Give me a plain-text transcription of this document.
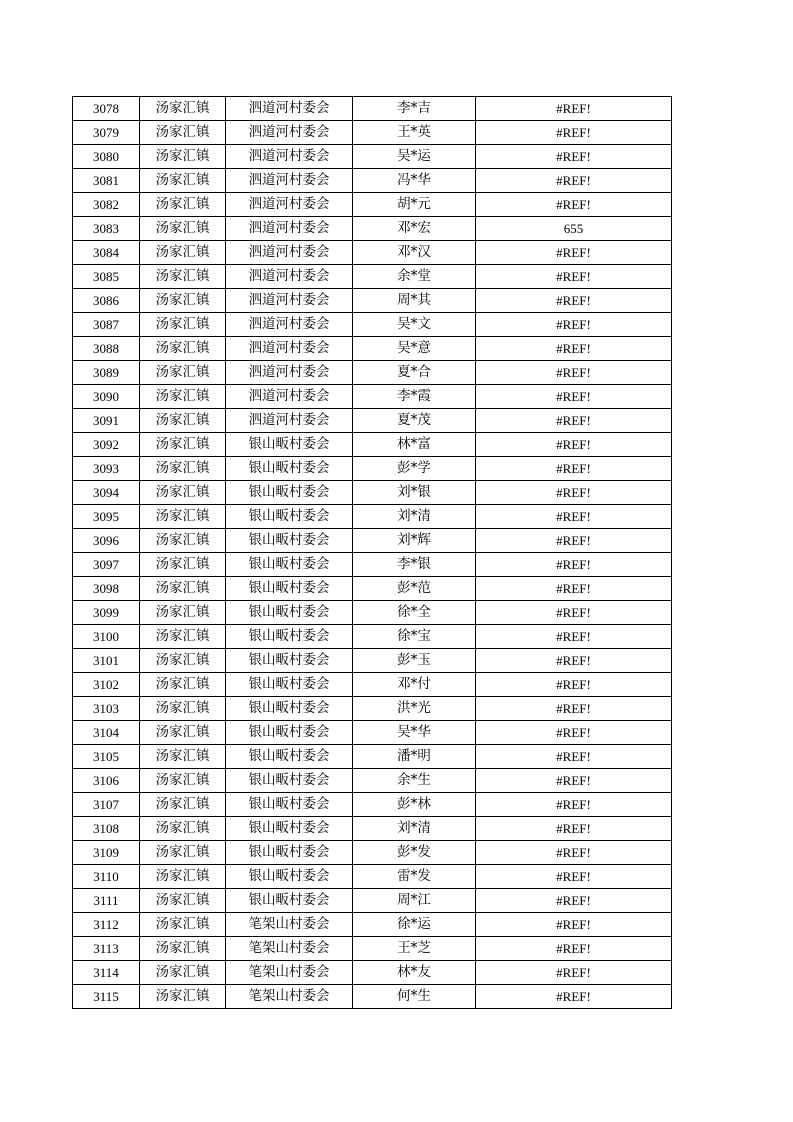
3078	汤家汇镇	泗道河村委会	李*吉	#REF!
3079	汤家汇镇	泗道河村委会	王*英	#REF!
3080	汤家汇镇	泗道河村委会	吴*运	#REF!
3081	汤家汇镇	泗道河村委会	冯*华	#REF!
3082	汤家汇镇	泗道河村委会	胡*元	#REF!
3083	汤家汇镇	泗道河村委会	邓*宏	655
3084	汤家汇镇	泗道河村委会	邓*汉	#REF!
3085	汤家汇镇	泗道河村委会	余*堂	#REF!
3086	汤家汇镇	泗道河村委会	周*其	#REF!
3087	汤家汇镇	泗道河村委会	吴*文	#REF!
3088	汤家汇镇	泗道河村委会	吴*意	#REF!
3089	汤家汇镇	泗道河村委会	夏*合	#REF!
3090	汤家汇镇	泗道河村委会	李*霞	#REF!
3091	汤家汇镇	泗道河村委会	夏*茂	#REF!
3092	汤家汇镇	银山畈村委会	林*富	#REF!
3093	汤家汇镇	银山畈村委会	彭*学	#REF!
3094	汤家汇镇	银山畈村委会	刘*银	#REF!
3095	汤家汇镇	银山畈村委会	刘*清	#REF!
3096	汤家汇镇	银山畈村委会	刘*辉	#REF!
3097	汤家汇镇	银山畈村委会	李*银	#REF!
3098	汤家汇镇	银山畈村委会	彭*范	#REF!
3099	汤家汇镇	银山畈村委会	徐*全	#REF!
3100	汤家汇镇	银山畈村委会	徐*宝	#REF!
3101	汤家汇镇	银山畈村委会	彭*玉	#REF!
3102	汤家汇镇	银山畈村委会	邓*付	#REF!
3103	汤家汇镇	银山畈村委会	洪*光	#REF!
3104	汤家汇镇	银山畈村委会	吴*华	#REF!
3105	汤家汇镇	银山畈村委会	潘*明	#REF!
3106	汤家汇镇	银山畈村委会	余*生	#REF!
3107	汤家汇镇	银山畈村委会	彭*林	#REF!
3108	汤家汇镇	银山畈村委会	刘*清	#REF!
3109	汤家汇镇	银山畈村委会	彭*发	#REF!
3110	汤家汇镇	银山畈村委会	雷*发	#REF!
3111	汤家汇镇	银山畈村委会	周*江	#REF!
3112	汤家汇镇	笔架山村委会	徐*运	#REF!
3113	汤家汇镇	笔架山村委会	王*芝	#REF!
3114	汤家汇镇	笔架山村委会	林*友	#REF!
3115	汤家汇镇	笔架山村委会	何*生	#REF!
